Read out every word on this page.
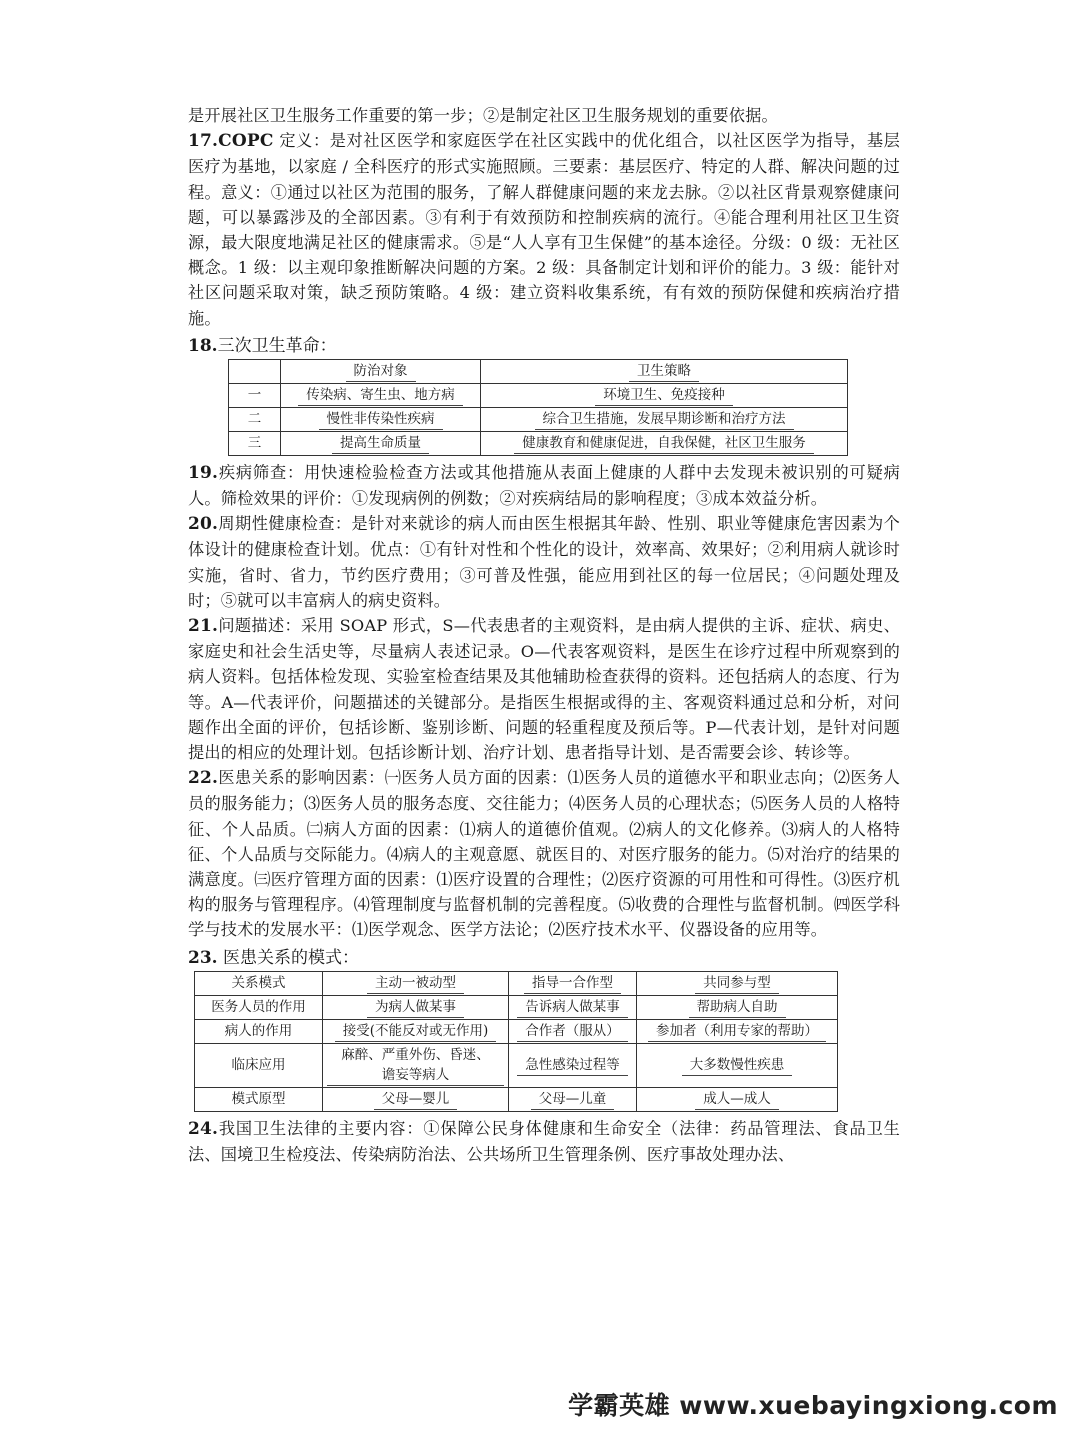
是开展社区卫生服务工作重要的第一步；②是制定社区卫生服务规划的重要依据。

17.COPC 定义：是对社区医学和家庭医学在社区实践中的优化组合，以社区医学为指导，基层医疗为基地，以家庭 / 全科医疗的形式实施照顾。三要素：基层医疗、特定的人群、解决问题的过程。意义：①通过以社区为范围的服务，了解人群健康问题的来龙去脉。②以社区背景观察健康问题，可以暴露涉及的全部因素。③有利于有效预防和控制疾病的流行。④能合理利用社区卫生资源，最大限度地满足社区的健康需求。⑤是“人人享有卫生保健”的基本途径。分级：0 级：无社区概念。1 级：以主观印象推断解决问题的方案。2 级：具备制定计划和评价的能力。3 级：能针对社区问题采取对策，缺乏预防策略。4 级：建立资料收集系统，有有效的预防保健和疾病治疗措施。

18.三次卫生革命：
	防治对象	卫生策略
一	传染病、寄生虫、地方病	环境卫生、免疫接种
二	慢性非传染性疾病	综合卫生措施，发展早期诊断和治疗方法
三	提高生命质量	健康教育和健康促进，自我保健，社区卫生服务

19.疾病筛查：用快速检验检查方法或其他措施从表面上健康的人群中去发现未被识别的可疑病人。筛检效果的评价：①发现病例的例数；②对疾病结局的影响程度；③成本效益分析。

20.周期性健康检查：是针对来就诊的病人而由医生根据其年龄、性别、职业等健康危害因素为个体设计的健康检查计划。优点：①有针对性和个性化的设计，效率高、效果好；②利用病人就诊时实施，省时、省力，节约医疗费用；③可普及性强，能应用到社区的每一位居民；④问题处理及时；⑤就可以丰富病人的病史资料。

21.问题描述：采用 SOAP 形式，S—代表患者的主观资料，是由病人提供的主诉、症状、病史、家庭史和社会生活史等，尽量病人表述记录。O—代表客观资料，是医生在诊疗过程中所观察到的病人资料。包括体检发现、实验室检查结果及其他辅助检查获得的资料。还包括病人的态度、行为等。A—代表评价，问题描述的关键部分。是指医生根据或得的主、客观资料通过总和分析，对问题作出全面的评价，包括诊断、鉴别诊断、问题的轻重程度及预后等。P—代表计划，是针对问题提出的相应的处理计划。包括诊断计划、治疗计划、患者指导计划、是否需要会诊、转诊等。

22.医患关系的影响因素：㈠医务人员方面的因素：⑴医务人员的道德水平和职业志向；⑵医务人员的服务能力；⑶医务人员的服务态度、交往能力；⑷医务人员的心理状态；⑸医务人员的人格特征、个人品质。㈡病人方面的因素：⑴病人的道德价值观。⑵病人的文化修养。⑶病人的人格特征、个人品质与交际能力。⑷病人的主观意愿、就医目的、对医疗服务的能力。⑸对治疗的结果的满意度。㈢医疗管理方面的因素：⑴医疗设置的合理性；⑵医疗资源的可用性和可得性。⑶医疗机构的服务与管理程序。⑷管理制度与监督机制的完善程度。⑸收费的合理性与监督机制。㈣医学科学与技术的发展水平：⑴医学观念、医学方法论；⑵医疗技术水平、仪器设备的应用等。

23. 医患关系的模式：
关系模式	主动一被动型	指导一合作型	共同参与型
医务人员的作用	为病人做某事	告诉病人做某事	帮助病人自助
病人的作用	接受(不能反对或无作用)	合作者（服从）	参加者（利用专家的帮助）
临床应用	麻醉、严重外伤、昏迷、谵妄等病人	急性感染过程等	大多数慢性疾患
模式原型	父母—婴儿	父母—儿童	成人—成人

24.我国卫生法律的主要内容：①保障公民身体健康和生命安全（法律：药品管理法、食品卫生法、国境卫生检疫法、传染病防治法、公共场所卫生管理条例、医疗事故处理办法、

学霸英雄 www.xuebayingxiong.com
